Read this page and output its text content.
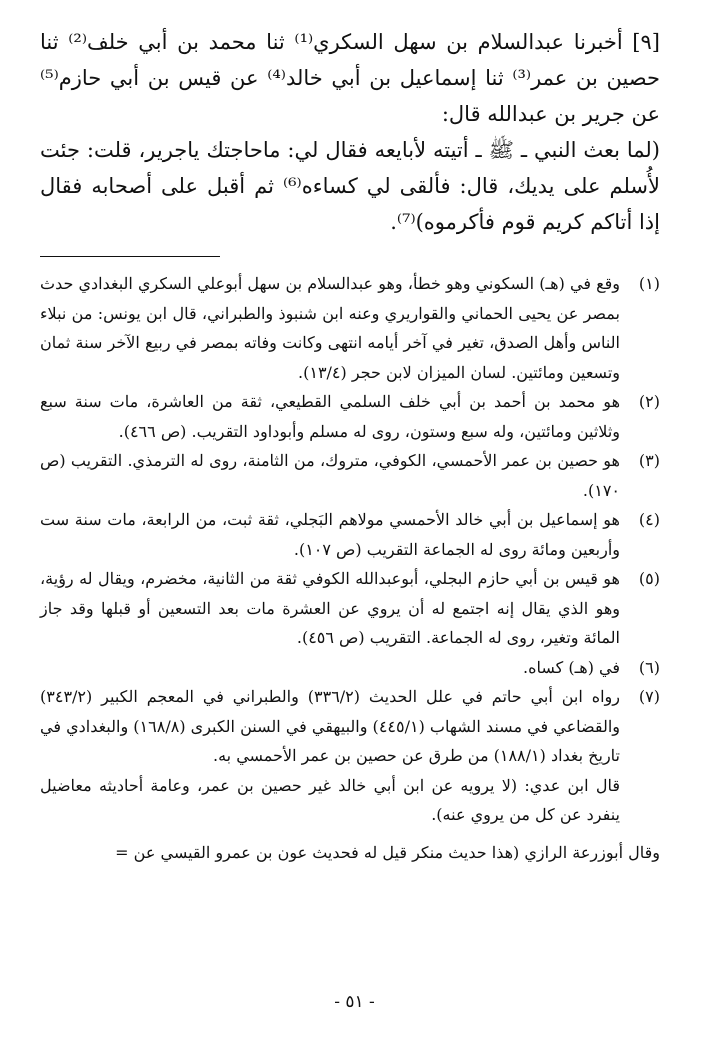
[٩] أخبرنا عبدالسلام بن سهل السكري⁽¹⁾ ثنا محمد بن أبي خلف⁽²⁾ ثنا حصين بن عمر⁽³⁾ ثنا إسماعيل بن أبي خالد⁽⁴⁾ عن قيس بن أبي حازم⁽⁵⁾ عن جرير بن عبدالله قال:

(لما بعث النبي ـ ﷺ ـ أتيته لأبايعه فقال لي: ماحاجتك ياجرير، قلت: جئت لأُسلم على يديك، قال: فألقى لي كساءه⁽⁶⁾ ثم أقبل على أصحابه فقال إذا أتاكم كريم قوم فأكرموه)⁽⁷⁾.

(١)
وقع في (هـ) السكوني وهو خطأ، وهو عبدالسلام بن سهل أبوعلي السكري البغدادي حدث بمصر عن يحيى الحماني والقواريري وعنه ابن شنبوذ والطبراني، قال ابن يونس: من نبلاء الناس وأهل الصدق، تغير في آخر أيامه انتهى وكانت وفاته بمصر في ربيع الآخر سنة ثمان وتسعين ومائتين. لسان الميزان لابن حجر (١٣/٤).
(٢)
هو محمد بن أحمد بن أبي خلف السلمي القطيعي، ثقة من العاشرة، مات سنة سبع وثلاثين ومائتين، وله سبع وستون، روى له مسلم وأبوداود التقريب. (ص ٤٦٦).
(٣)
هو حصين بن عمر الأحمسي، الكوفي، متروك، من الثامنة، روى له الترمذي. التقريب (ص ١٧٠).
(٤)
هو إسماعيل بن أبي خالد الأحمسي مولاهم البَجلي، ثقة ثبت، من الرابعة، مات سنة ست وأربعين ومائة روى له الجماعة التقريب (ص ١٠٧).
(٥)
هو قيس بن أبي حازم البجلي، أبوعبدالله الكوفي ثقة من الثانية، مخضرم، ويقال له رؤية، وهو الذي يقال إنه اجتمع له أن يروي عن العشرة مات بعد التسعين أو قبلها وقد جاز المائة وتغير، روى له الجماعة. التقريب (ص ٤٥٦).
(٦)
في (هـ) كساه.
(٧)
رواه ابن أبي حاتم في علل الحديث (٣٣٦/٢) والطبراني في المعجم الكبير (٣٤٣/٢) والقضاعي في مسند الشهاب (٤٤٥/١) والبيهقي في السنن الكبرى (١٦٨/٨) والبغدادي في تاريخ بغداد (١٨٨/١) من طرق عن حصين بن عمر الأحمسي به.

قال ابن عدي: (لا يرويه عن ابن أبي خالد غير حصين بن عمر، وعامة أحاديثه معاضيل ينفرد عن كل من يروي عنه).

وقال أبوزرعة الرازي (هذا حديث منكر قيل له فحديث عون بن عمرو القيسي عن =

- ٥١ -
